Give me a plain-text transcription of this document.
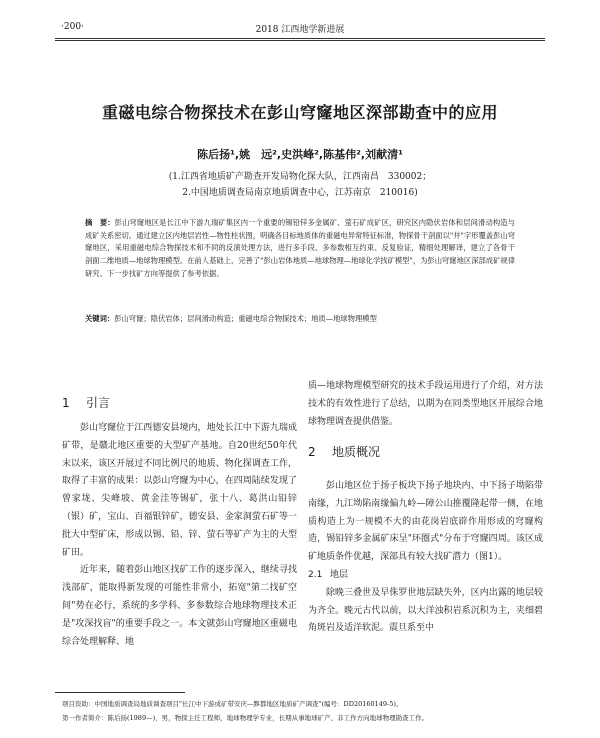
·200·	2018 江西地学新进展
重磁电综合物探技术在彭山穹窿地区深部勘查中的应用
陈后扬¹,姚　远²,史洪峰²,陈基伟²,刘献清¹
(1.江西省地质矿产勘查开发局物化探大队，江西南昌　330002；
2.中国地质调查局南京地质调查中心，江苏南京　210016)
摘　要：彭山穹窿地区是长江中下游九瑞矿集区内一个重要的锡铅锌多金属矿、萤石矿成矿区，研究区内隐伏岩体和层间滑动构造与成矿关系密切。通过建立区内地层岩性—物性柱状图，明确各目标地质体的重磁电异常特征标准，物探骨干剖面以"井"字形覆盖彭山穹窿地区，采用重磁电综合物探技术和不同的反演处理方法，进行多手段、多参数相互约束、反复验证，精细处理解译，建立了各骨干剖面二维地质—地球物理模型。在前人基础上，完善了"彭山岩体地质—地球物理—地球化学找矿模型"，为彭山穹窿地区深部成矿规律研究、下一步找矿方向等提供了参考依据。
关键词：彭山穹窿；隐伏岩体；层间滑动构造；重磁电综合物探技术；地质—地球物理模型
1 引言

彭山穹窿位于江西德安县境内，地处长江中下游九瑞成矿带，是赣北地区重要的大型矿产基地。自20世纪50年代末以来，该区开展过不同比例尺的地质、物化探调查工作，取得了丰富的成果：以彭山穹窿为中心，在四周陆续发现了曾家垅、尖峰坡、黄金洼等锡矿，张十八、葛洪山铅锌（银）矿，宝山、百福银锌矿，德安县、金家洞萤石矿等一批大中型矿床，形成以锡、铅、锌、萤石等矿产为主的大型矿田。

近年来，随着彭山地区找矿工作的逐步深入，继续寻找浅部矿，能取得新发现的可能性非常小，拓宽"第二找矿空间"势在必行，系统的多学科、多参数综合地球物理技术正是"攻深找盲"的重要手段之一。本文就彭山穹窿地区重磁电综合处理解释、地

质—地球物理模型研究的技术手段运用进行了介绍，对方法技术的有效性进行了总结，以期为在同类型地区开展综合地球物理调查提供借鉴。

2 地质概况

彭山地区位于扬子板块下扬子地块内、中下扬子坳陷带南缘，九江坳陷南缘偏九岭—障公山推覆隆起带一侧，在地质构造上为一规模不大的由花岗岩底辟作用形成的穹窿构造，锡铅锌多金属矿床呈"环圈式"分布于穹窿四周。该区成矿地质条件优越，深部具有较大找矿潜力（图1）。

2.1 地层

除晚三叠世及早侏罗世地层缺失外，区内出露的地层较为齐全。晚元古代以前，以大洋浊积岩系沉积为主，夹细碧角斑岩及适洋软泥。震旦系至中

项目资助：中国地质调查局地质调查项目"长江中下游成矿带安庆—黟都地区地质矿产调查"(编号：DD20160149-5)。
第一作者简介：陈后扬(1989—)，男，物探主任工程师，地球物理学专业，长期从事地球矿产、非工作方向地球物理勘查工作。
